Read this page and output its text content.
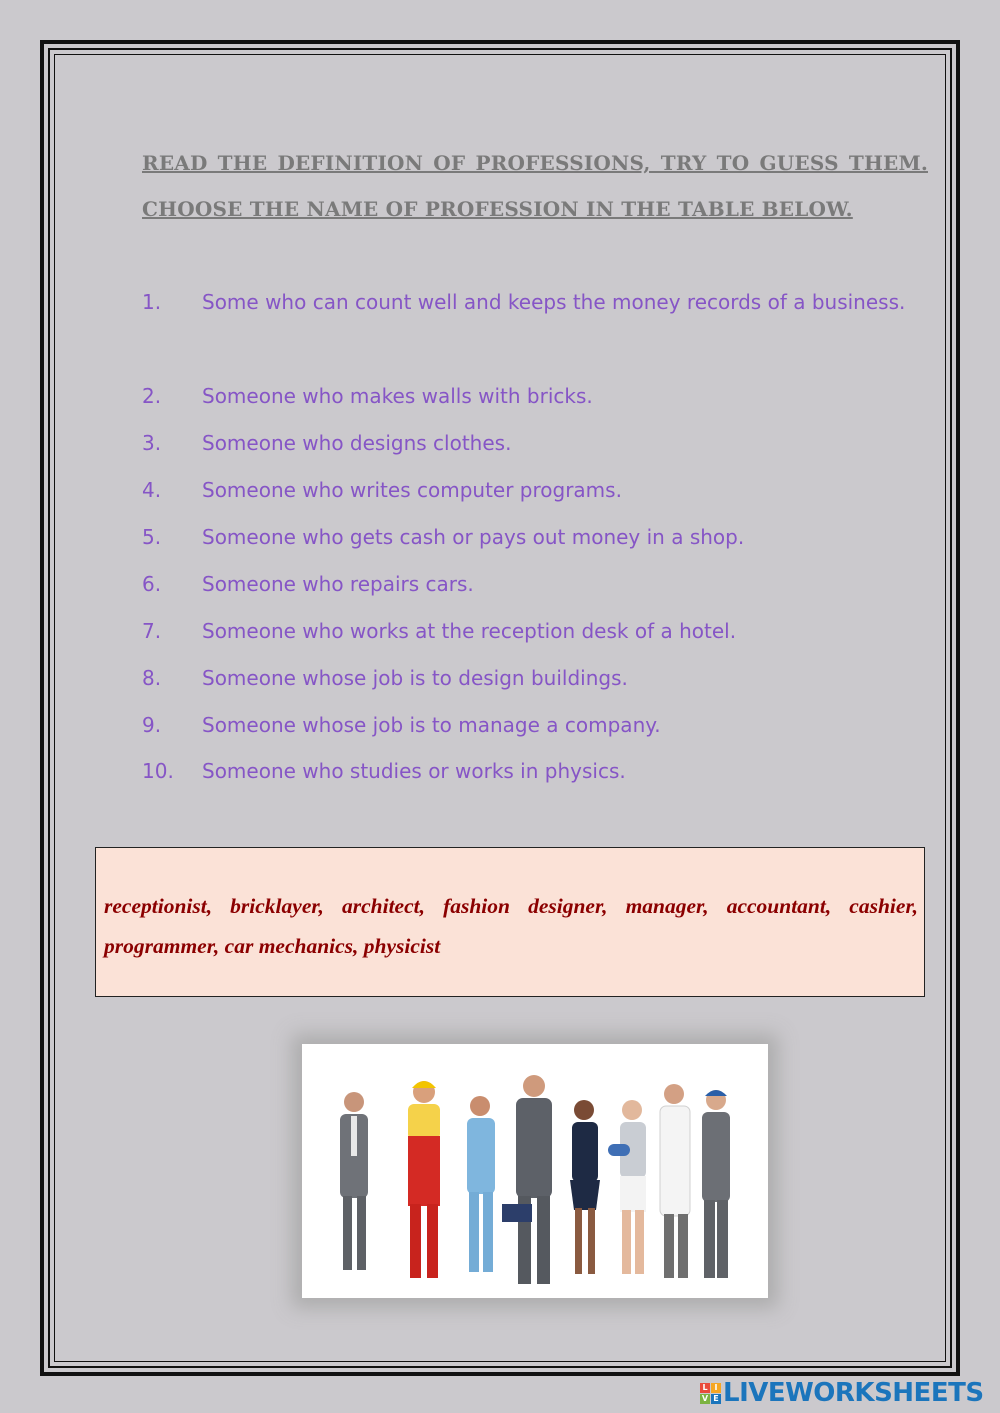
READ THE DEFINITION OF PROFESSIONS, TRY TO GUESS THEM. CHOOSE THE NAME OF PROFESSION IN THE TABLE BELOW.
1. Some who can count well and keeps the money records of a business.
2. Someone who makes walls with bricks.
3. Someone who designs clothes.
4. Someone who writes computer programs.
5. Someone who gets cash or pays out money in a shop.
6. Someone who repairs cars.
7. Someone who works at the reception desk of a hotel.
8. Someone whose job is to design buildings.
9. Someone whose job is to manage a company.
10. Someone who studies or works in physics.
receptionist, bricklayer, architect, fashion designer, manager, accountant, cashier, programmer, car mechanics, physicist
L I
V E LIVEWORKSHEETS
